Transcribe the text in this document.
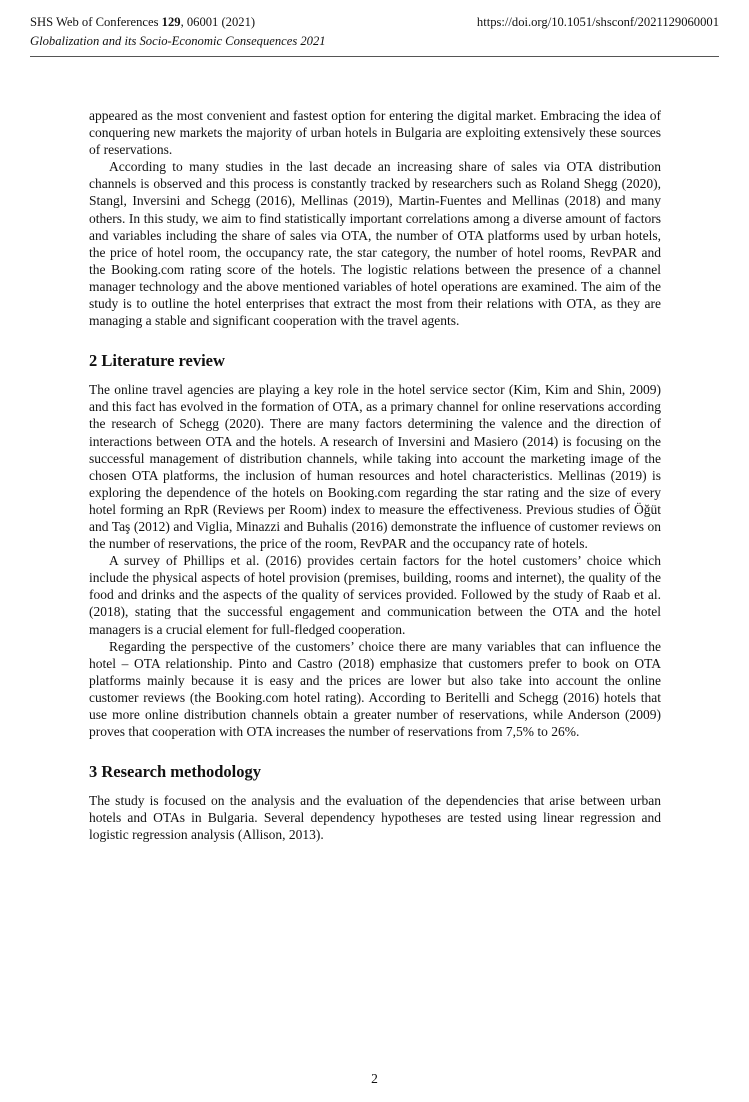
SHS Web of Conferences 129, 06001 (2021)	https://doi.org/10.1051/shsconf/2021129060001
Globalization and its Socio-Economic Consequences 2021

appeared as the most convenient and fastest option for entering the digital market. Embracing the idea of conquering new markets the majority of urban hotels in Bulgaria are exploiting extensively these sources of reservations.

According to many studies in the last decade an increasing share of sales via OTA distribution channels is observed and this process is constantly tracked by researchers such as Roland Shegg (2020), Stangl, Inversini and Schegg (2016), Mellinas (2019), Martin-Fuentes and Mellinas (2018) and many others. In this study, we aim to find statistically important correlations among a diverse amount of factors and variables including the share of sales via OTA, the number of OTA platforms used by urban hotels, the price of hotel room, the occupancy rate, the star category, the number of hotel rooms, RevPAR and the Booking.com rating score of the hotels. The logistic relations between the presence of a channel manager technology and the above mentioned variables of hotel operations are examined. The aim of the study is to outline the hotel enterprises that extract the most from their relations with OTA, as they are managing a stable and significant cooperation with the travel agents.

2 Literature review

The online travel agencies are playing a key role in the hotel service sector (Kim, Kim and Shin, 2009) and this fact has evolved in the formation of OTA, as a primary channel for online reservations according the research of Schegg (2020). There are many factors determining the valence and the direction of interactions between OTA and the hotels. A research of Inversini and Masiero (2014) is focusing on the successful management of distribution channels, while taking into account the marketing image of the chosen OTA platforms, the inclusion of human resources and hotel characteristics. Mellinas (2019) is exploring the dependence of the hotels on Booking.com regarding the star rating and the size of every hotel forming an RpR (Reviews per Room) index to measure the effectiveness. Previous studies of Öğüt and Taş (2012) and Viglia, Minazzi and Buhalis (2016) demonstrate the influence of customer reviews on the number of reservations, the price of the room, RevPAR and the occupancy rate of hotels.

A survey of Phillips et al. (2016) provides certain factors for the hotel customers’ choice which include the physical aspects of hotel provision (premises, building, rooms and internet), the quality of the food and drinks and the aspects of the quality of services provided. Followed by the study of Raab et al. (2018), stating that the successful engagement and communication between the OTA and the hotel managers is a crucial element for full-fledged cooperation.

Regarding the perspective of the customers’ choice there are many variables that can influence the hotel – OTA relationship. Pinto and Castro (2018) emphasize that customers prefer to book on OTA platforms mainly because it is easy and the prices are lower but also take into account the online customer reviews (the Booking.com hotel rating). According to Beritelli and Schegg (2016) hotels that use more online distribution channels obtain a greater number of reservations, while Anderson (2009) proves that cooperation with OTA increases the number of reservations from 7,5% to 26%.

3 Research methodology

The study is focused on the analysis and the evaluation of the dependencies that arise between urban hotels and OTAs in Bulgaria. Several dependency hypotheses are tested using linear regression and logistic regression analysis (Allison, 2013).

2
